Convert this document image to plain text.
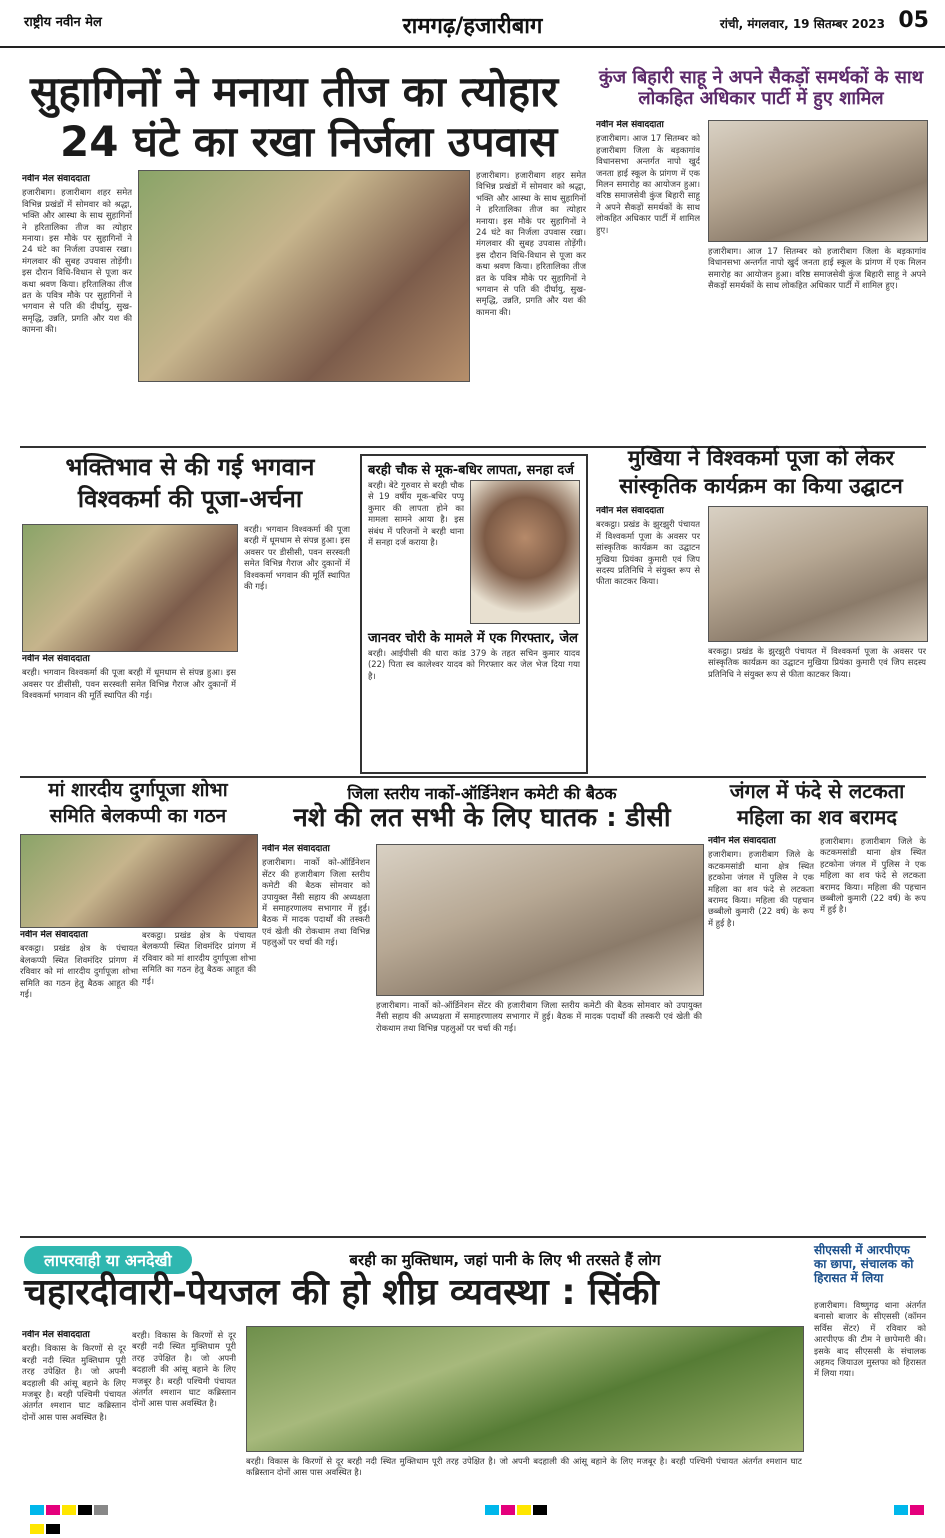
राष्ट्रीय नवीन मेल	रामगढ़/हजारीबाग	रांची, मंगलवार, 19 सितम्बर 2023 05
सुहागिनों ने मनाया तीज का त्योहार
24 घंटे का रखा निर्जला उपवास
नवीन मेल संवाददाता
हजारीबाग। हजारीबाग शहर समेत विभिन्न प्रखंडों में सोमवार को श्रद्धा, भक्ति और आस्था के साथ सुहागिनों ने हरितालिका तीज का त्योहार मनाया। इस मौके पर सुहागिनों ने 24 घंटे का निर्जला उपवास रखा। मंगलवार की सुबह उपवास तोड़ेंगी। इस दौरान विधि-विधान से पूजा कर कथा श्रवण किया। हरितालिका तीज व्रत के पवित्र मौके पर सुहागिनों ने भगवान से पति की दीर्घायु, सुख-समृद्धि, उन्नति, प्रगति और यश की कामना की।
हजारीबाग। हजारीबाग शहर समेत विभिन्न प्रखंडों में सोमवार को श्रद्धा, भक्ति और आस्था के साथ सुहागिनों ने हरितालिका तीज का त्योहार मनाया। इस मौके पर सुहागिनों ने 24 घंटे का निर्जला उपवास रखा। मंगलवार की सुबह उपवास तोड़ेंगी। इस दौरान विधि-विधान से पूजा कर कथा श्रवण किया। हरितालिका तीज व्रत के पवित्र मौके पर सुहागिनों ने भगवान से पति की दीर्घायु, सुख-समृद्धि, उन्नति, प्रगति और यश की कामना की।
कुंज बिहारी साहू ने अपने सैकड़ों समर्थकों के साथ लोकहित अधिकार पार्टी में हुए शामिल
नवीन मेल संवाददाता
हजारीबाग। आज 17 सितम्बर को हजारीबाग जिला के बड़कागांव विधानसभा अन्तर्गत नापो खुर्द जनता हाई स्कूल के प्रांगण में एक मिलन समारोह का आयोजन हुआ। वरिष्ठ समाजसेवी कुंज बिहारी साहू ने अपने सैकड़ों समर्थकों के साथ लोकहित अधिकार पार्टी में शामिल हुए।
हजारीबाग। आज 17 सितम्बर को हजारीबाग जिला के बड़कागांव विधानसभा अन्तर्गत नापो खुर्द जनता हाई स्कूल के प्रांगण में एक मिलन समारोह का आयोजन हुआ। वरिष्ठ समाजसेवी कुंज बिहारी साहू ने अपने सैकड़ों समर्थकों के साथ लोकहित अधिकार पार्टी में शामिल हुए।
भक्तिभाव से की गई भगवान
विश्वकर्मा की पूजा-अर्चना
बरही। भगवान विश्वकर्मा की पूजा बरही में धूमधाम से संपन्न हुआ। इस अवसर पर डीसीसी, पवन सरस्वती समेत विभिन्न गैराज और दुकानों में विश्वकर्मा भगवान की मूर्ति स्थापित की गई।
नवीन मेल संवाददाता
बरही। भगवान विश्वकर्मा की पूजा बरही में धूमधाम से संपन्न हुआ। इस अवसर पर डीसीसी, पवन सरस्वती समेत विभिन्न गैराज और दुकानों में विश्वकर्मा भगवान की मूर्ति स्थापित की गई।
बरही चौक से मूक-बधिर लापता, सनहा दर्ज
बरही। बेटे गुरुवार से बरही चौक से 19 वर्षीय मूक-बधिर पप्पू कुमार की लापता होने का मामला सामने आया है। इस संबंध में परिजनों ने बरही थाना में सनहा दर्ज कराया है।
जानवर चोरी के मामले में एक गिरफ्तार, जेल
बरही। आईपीसी की धारा कांड 379 के तहत सचिन कुमार यादव (22) पिता स्व कालेश्वर यादव को गिरफ्तार कर जेल भेज दिया गया है।
मुखिया ने विश्वकर्मा पूजा को लेकर
सांस्कृतिक कार्यक्रम का किया उद्घाटन
नवीन मेल संवाददाता
बरकट्ठा। प्रखंड के झुरझुरी पंचायत में विश्वकर्मा पूजा के अवसर पर सांस्कृतिक कार्यक्रम का उद्घाटन मुखिया प्रियंका कुमारी एवं जिप सदस्य प्रतिनिधि ने संयुक्त रूप से फीता काटकर किया।
बरकट्ठा। प्रखंड के झुरझुरी पंचायत में विश्वकर्मा पूजा के अवसर पर सांस्कृतिक कार्यक्रम का उद्घाटन मुखिया प्रियंका कुमारी एवं जिप सदस्य प्रतिनिधि ने संयुक्त रूप से फीता काटकर किया।
मां शारदीय दुर्गापूजा शोभा
समिति बेलकप्पी का गठन
नवीन मेल संवाददाता
बरकट्ठा। प्रखंड क्षेत्र के पंचायत बेलकप्पी स्थित शिवमंदिर प्रांगण में रविवार को मां शारदीय दुर्गापूजा शोभा समिति का गठन हेतु बैठक आहूत की गई।
बरकट्ठा। प्रखंड क्षेत्र के पंचायत बेलकप्पी स्थित शिवमंदिर प्रांगण में रविवार को मां शारदीय दुर्गापूजा शोभा समिति का गठन हेतु बैठक आहूत की गई।
जिला स्तरीय नार्को-ऑर्डिनेशन कमेटी की बैठक
नशे की लत सभी के लिए घातक : डीसी
नवीन मेल संवाददाता
हजारीबाग। नार्को को-ऑर्डिनेशन सेंटर की हजारीबाग जिला स्तरीय कमेटी की बैठक सोमवार को उपायुक्त नैंसी सहाय की अध्यक्षता में समाहरणालय सभागार में हुई। बैठक में मादक पदार्थों की तस्करी एवं खेती की रोकथाम तथा विभिन्न पहलुओं पर चर्चा की गई।
हजारीबाग। नार्को को-ऑर्डिनेशन सेंटर की हजारीबाग जिला स्तरीय कमेटी की बैठक सोमवार को उपायुक्त नैंसी सहाय की अध्यक्षता में समाहरणालय सभागार में हुई। बैठक में मादक पदार्थों की तस्करी एवं खेती की रोकथाम तथा विभिन्न पहलुओं पर चर्चा की गई।
जंगल में फंदे से लटकता
महिला का शव बरामद
नवीन मेल संवाददाता
हजारीबाग। हजारीबाग जिले के कटकमसांडी थाना क्षेत्र स्थित हटकोना जंगल में पुलिस ने एक महिला का शव फंदे से लटकता बरामद किया। महिला की पहचान छब्बीलो कुमारी (22 वर्ष) के रूप में हुई है।
हजारीबाग। हजारीबाग जिले के कटकमसांडी थाना क्षेत्र स्थित हटकोना जंगल में पुलिस ने एक महिला का शव फंदे से लटकता बरामद किया। महिला की पहचान छब्बीलो कुमारी (22 वर्ष) के रूप में हुई है।
लापरवाही या अनदेखी	बरही का मुक्तिधाम, जहां पानी के लिए भी तरसते हैं लोग
चहारदीवारी-पेयजल की हो शीघ्र व्यवस्था : सिंकी
नवीन मेल संवाददाता
बरही। विकास के किरणों से दूर बरही नदी स्थित मुक्तिधाम पूरी तरह उपेक्षित है। जो अपनी बदहाली की आंसू बहाने के लिए मजबूर है। बरही पश्चिमी पंचायत अंतर्गत श्मशान घाट कब्रिस्तान दोनों आस पास अवस्थित है।
बरही। विकास के किरणों से दूर बरही नदी स्थित मुक्तिधाम पूरी तरह उपेक्षित है। जो अपनी बदहाली की आंसू बहाने के लिए मजबूर है। बरही पश्चिमी पंचायत अंतर्गत श्मशान घाट कब्रिस्तान दोनों आस पास अवस्थित है।
बरही। विकास के किरणों से दूर बरही नदी स्थित मुक्तिधाम पूरी तरह उपेक्षित है। जो अपनी बदहाली की आंसू बहाने के लिए मजबूर है। बरही पश्चिमी पंचायत अंतर्गत श्मशान घाट कब्रिस्तान दोनों आस पास अवस्थित है।
सीएससी में आरपीएफ का छापा, संचालक को हिरासत में लिया
हजारीबाग। विष्णुगढ़ थाना अंतर्गत बनासो बाजार के सीएससी (कॉमन सर्विस सेंटर) में रविवार को आरपीएफ की टीम ने छापेमारी की। इसके बाद सीएससी के संचालक अहमद जियाउल मुस्तफा को हिरासत में लिया गया।
